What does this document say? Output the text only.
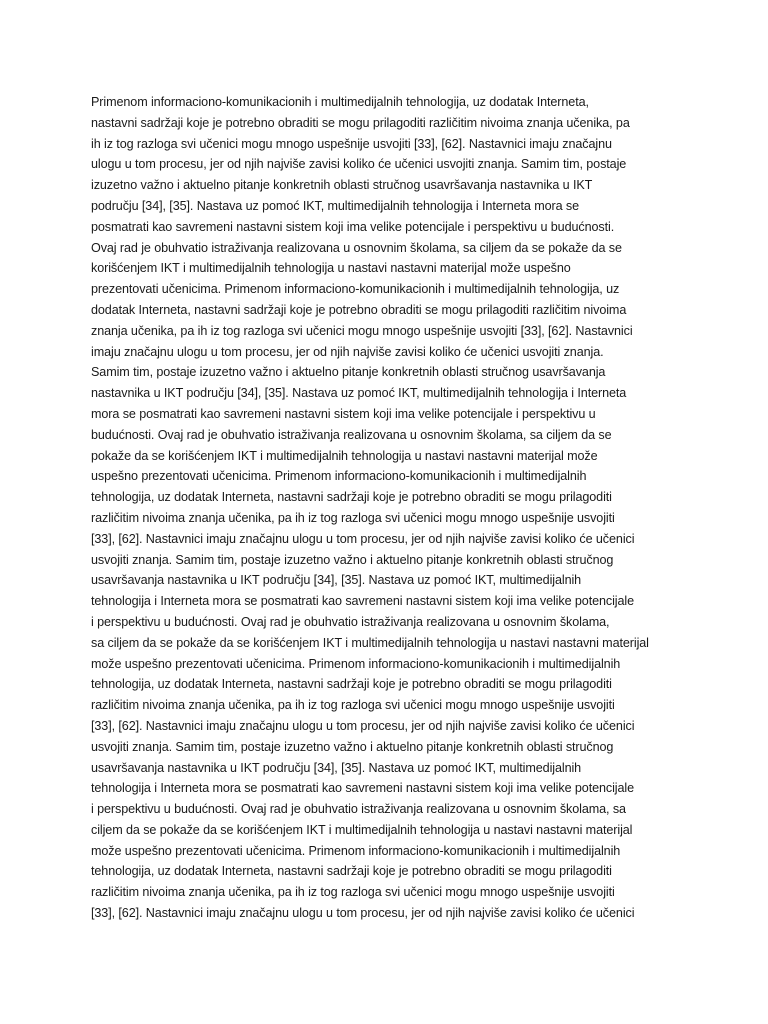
Primenom informaciono-komunikacionih i multimedijalnih tehnologija, uz dodatak Interneta,
nastavni sadržaji koje je potrebno obraditi se mogu prilagoditi različitim nivoima znanja učenika, pa
ih iz tog razloga svi učenici mogu mnogo uspešnije usvojiti [33], [62]. Nastavnici imaju značajnu
ulogu u tom procesu, jer od njih najviše zavisi koliko će učenici usvojiti znanja. Samim tim, postaje
izuzetno važno i aktuelno pitanje konkretnih oblasti stručnog usavršavanja nastavnika u IKT
području [34], [35]. Nastava uz pomoć IKT, multimedijalnih tehnologija i Interneta mora se
posmatrati kao savremeni nastavni sistem koji ima velike potencijale i perspektivu u budućnosti.
Ovaj rad je obuhvatio istraživanja realizovana u osnovnim školama, sa ciljem da se pokaže da se
korišćenjem IKT i multimedijalnih tehnologija u nastavi nastavni materijal može uspešno
prezentovati učenicima. Primenom informaciono-komunikacionih i multimedijalnih tehnologija, uz
dodatak Interneta, nastavni sadržaji koje je potrebno obraditi se mogu prilagoditi različitim nivoima
znanja učenika, pa ih iz tog razloga svi učenici mogu mnogo uspešnije usvojiti [33], [62]. Nastavnici
imaju značajnu ulogu u tom procesu, jer od njih najviše zavisi koliko će učenici usvojiti znanja.
Samim tim, postaje izuzetno važno i aktuelno pitanje konkretnih oblasti stručnog usavršavanja
nastavnika u IKT području [34], [35]. Nastava uz pomoć IKT, multimedijalnih tehnologija i Interneta
mora se posmatrati kao savremeni nastavni sistem koji ima velike potencijale i perspektivu u
budućnosti. Ovaj rad je obuhvatio istraživanja realizovana u osnovnim školama, sa ciljem da se
pokaže da se korišćenjem IKT i multimedijalnih tehnologija u nastavi nastavni materijal može
uspešno prezentovati učenicima. Primenom informaciono-komunikacionih i multimedijalnih
tehnologija, uz dodatak Interneta, nastavni sadržaji koje je potrebno obraditi se mogu prilagoditi
različitim nivoima znanja učenika, pa ih iz tog razloga svi učenici mogu mnogo uspešnije usvojiti
[33], [62]. Nastavnici imaju značajnu ulogu u tom procesu, jer od njih najviše zavisi koliko će učenici
usvojiti znanja. Samim tim, postaje izuzetno važno i aktuelno pitanje konkretnih oblasti stručnog
usavršavanja nastavnika u IKT području [34], [35]. Nastava uz pomoć IKT, multimedijalnih
tehnologija i Interneta mora se posmatrati kao savremeni nastavni sistem koji ima velike potencijale
i perspektivu u budućnosti. Ovaj rad je obuhvatio istraživanja realizovana u osnovnim školama,
sa ciljem da se pokaže da se korišćenjem IKT i multimedijalnih tehnologija u nastavi nastavni materijal
može uspešno prezentovati učenicima. Primenom informaciono-komunikacionih i multimedijalnih
tehnologija, uz dodatak Interneta, nastavni sadržaji koje je potrebno obraditi se mogu prilagoditi
različitim nivoima znanja učenika, pa ih iz tog razloga svi učenici mogu mnogo uspešnije usvojiti
[33], [62]. Nastavnici imaju značajnu ulogu u tom procesu, jer od njih najviše zavisi koliko će učenici
usvojiti znanja. Samim tim, postaje izuzetno važno i aktuelno pitanje konkretnih oblasti stručnog
usavršavanja nastavnika u IKT području [34], [35]. Nastava uz pomoć IKT, multimedijalnih
tehnologija i Interneta mora se posmatrati kao savremeni nastavni sistem koji ima velike potencijale
i perspektivu u budućnosti. Ovaj rad je obuhvatio istraživanja realizovana u osnovnim školama, sa
ciljem da se pokaže da se korišćenjem IKT i multimedijalnih tehnologija u nastavi nastavni materijal
može uspešno prezentovati učenicima. Primenom informaciono-komunikacionih i multimedijalnih
tehnologija, uz dodatak Interneta, nastavni sadržaji koje je potrebno obraditi se mogu prilagoditi
različitim nivoima znanja učenika, pa ih iz tog razloga svi učenici mogu mnogo uspešnije usvojiti
[33], [62]. Nastavnici imaju značajnu ulogu u tom procesu, jer od njih najviše zavisi koliko će učenici
